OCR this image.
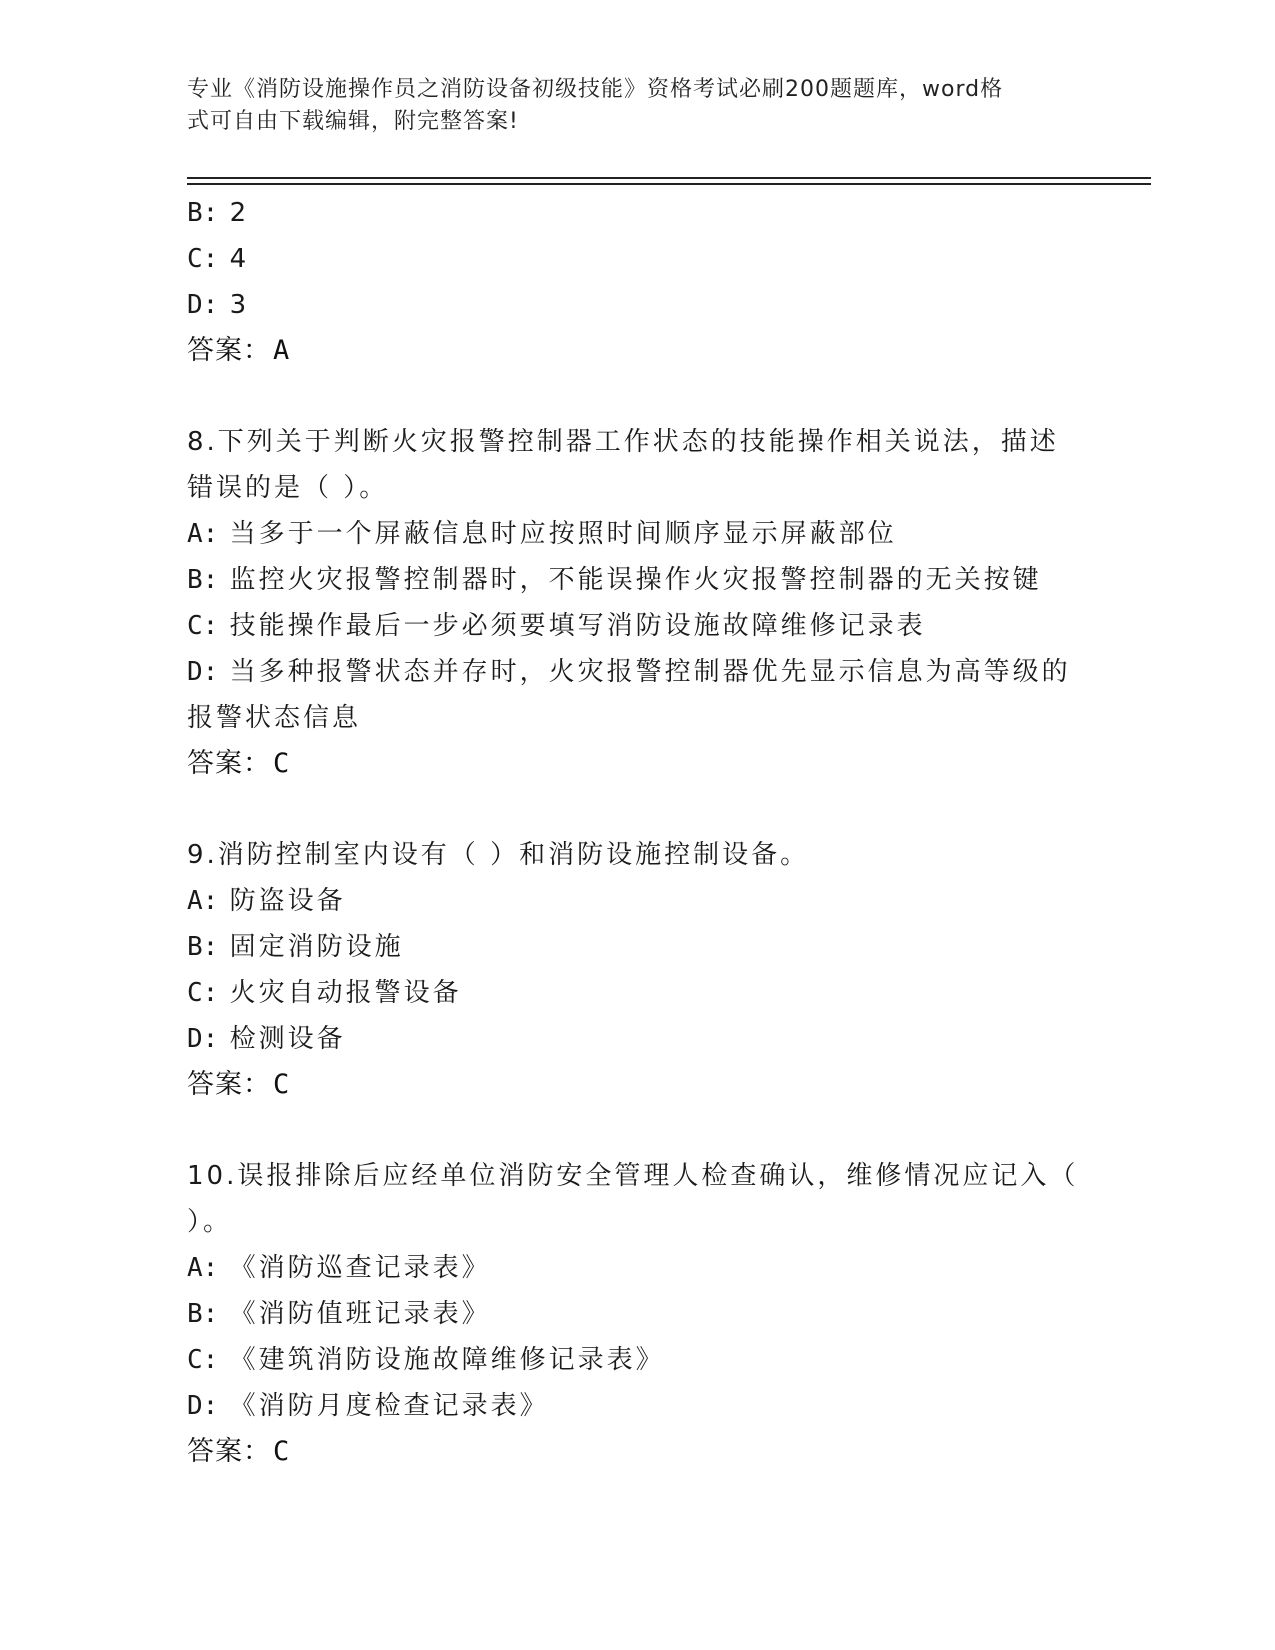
专业《消防设施操作员之消防设备初级技能》资格考试必刷200题题库，word格
式可自由下载编辑，附完整答案!
B: 2
C: 4
D: 3
答案：A
8.下列关于判断火灾报警控制器工作状态的技能操作相关说法，描述
错误的是（ ）。
A: 当多于一个屏蔽信息时应按照时间顺序显示屏蔽部位
B: 监控火灾报警控制器时，不能误操作火灾报警控制器的无关按键
C: 技能操作最后一步必须要填写消防设施故障维修记录表
D: 当多种报警状态并存时，火灾报警控制器优先显示信息为高等级的
报警状态信息
答案：C
9.消防控制室内设有（ ）和消防设施控制设备。
A: 防盗设备
B: 固定消防设施
C: 火灾自动报警设备
D: 检测设备
答案：C
10.误报排除后应经单位消防安全管理人检查确认，维修情况应记入（
）。
A: 《消防巡查记录表》
B: 《消防值班记录表》
C: 《建筑消防设施故障维修记录表》
D: 《消防月度检查记录表》
答案：C
